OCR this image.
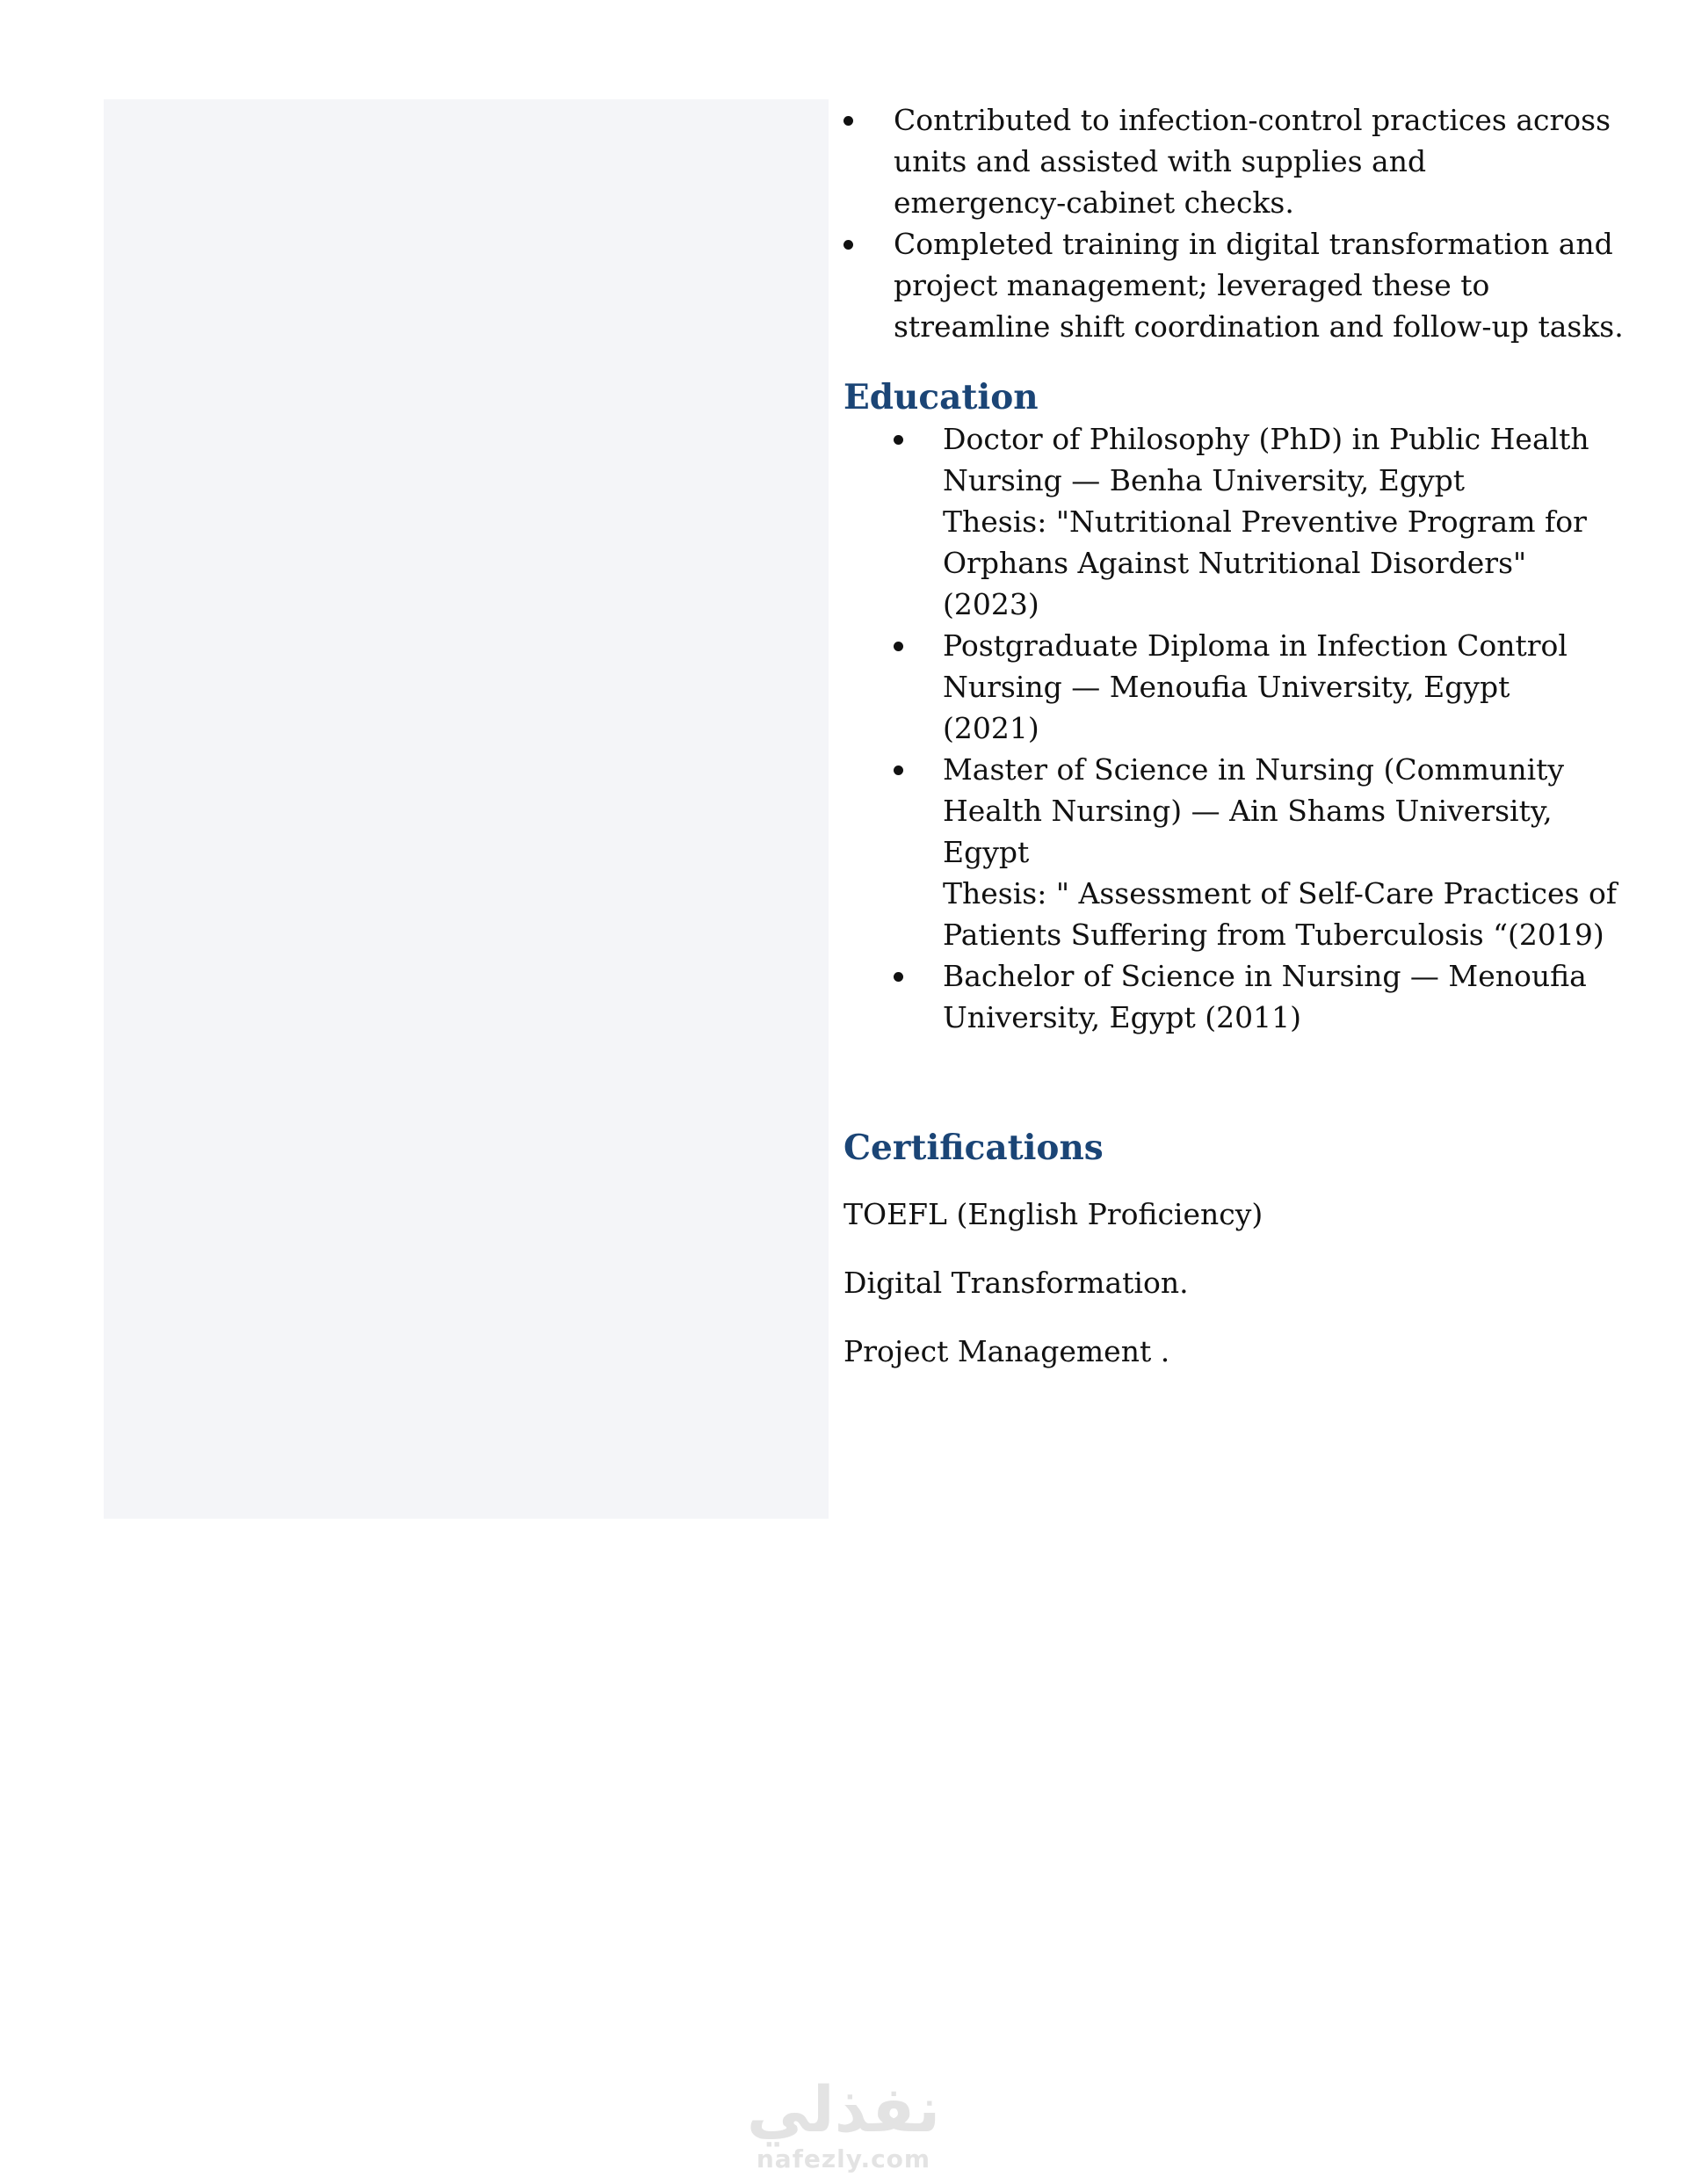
Contributed to infection-control practices across
units and assisted with supplies and
emergency-cabinet checks.
Completed training in digital transformation and
project management; leveraged these to
streamline shift coordination and follow-up tasks.
Education
Doctor of Philosophy (PhD) in Public Health
Nursing — Benha University, Egypt
Thesis: "Nutritional Preventive Program for
Orphans Against Nutritional Disorders"
(2023)
Postgraduate Diploma in Infection Control
Nursing — Menoufia University, Egypt
(2021)
Master of Science in Nursing (Community
Health Nursing) — Ain Shams University,
Egypt
Thesis: " Assessment of Self-Care Practices of
Patients Suffering from Tuberculosis “(2019)
Bachelor of Science in Nursing — Menoufia
University, Egypt (2011)
Certifications
TOEFL (English Proficiency)
Digital Transformation.
Project Management .
نفذلي
nafezly.com
